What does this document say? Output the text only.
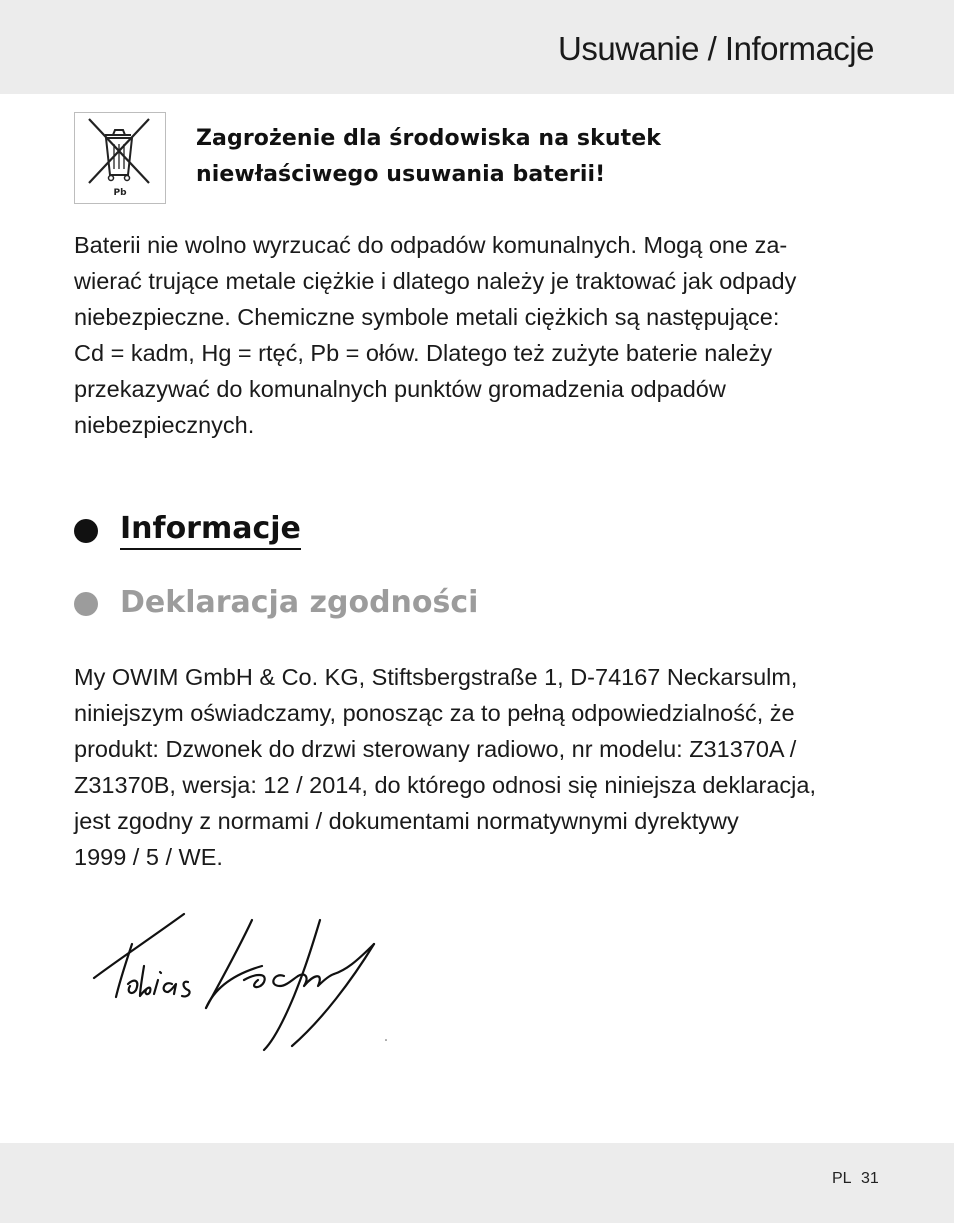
Usuwanie / Informacje
Pb
Zagrożenie dla środowiska na skutek
niewłaściwego usuwania baterii!
Baterii nie wolno wyrzucać do odpadów komunalnych. Mogą one za-
wierać trujące metale ciężkie i dlatego należy je traktować jak odpady
niebezpieczne. Chemiczne symbole metali ciężkich są następujące:
Cd = kadm, Hg = rtęć, Pb = ołów. Dlatego też zużyte baterie należy
przekazywać do komunalnych punktów gromadzenia odpadów
niebezpiecznych.
Informacje
Deklaracja zgodności
My OWIM GmbH & Co. KG, Stiftsbergstraße 1, D-74167 Neckarsulm,
niniejszym oświadczamy, ponosząc za to pełną odpowiedzialność, że
produkt: Dzwonek do drzwi sterowany radiowo, nr modelu: Z31370A /
Z31370B, wersja: 12 / 2014, do którego odnosi się niniejsza deklaracja,
jest zgodny z normami / dokumentami normatywnymi dyrektywy
1999 / 5 / WE.
PL 31
